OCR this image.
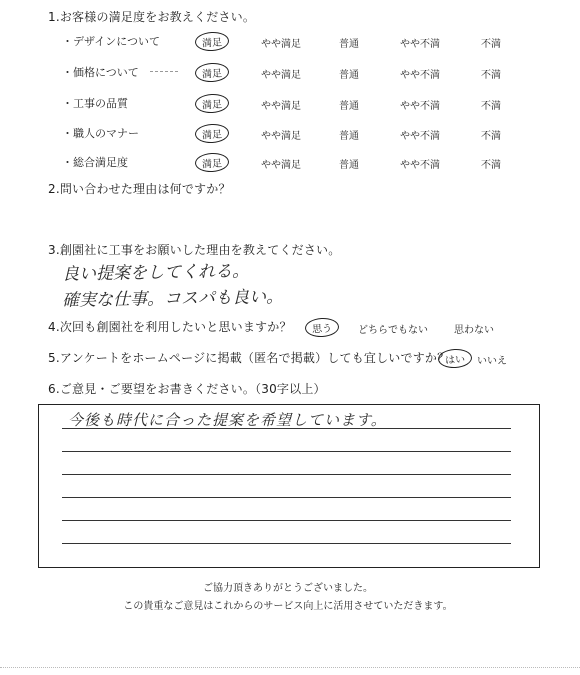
1.お客様の満足度をお教えください。
・デザインについて	満足	やや満足	普通	やや不満	不満
・価格について	満足	やや満足	普通	やや不満	不満
・工事の品質	満足	やや満足	普通	やや不満	不満
・職人のマナー	満足	やや満足	普通	やや不満	不満
・総合満足度	満足	やや満足	普通	やや不満	不満
2.問い合わせた理由は何ですか？
3.創園社に工事をお願いした理由を教えてください。
良い提案をしてくれる。
確実な仕事。コスパも良い。
4.次回も創園社を利用したいと思いますか？	思う	どちらでもない	思わない
5.アンケートをホームページに掲載（匿名で掲載）しても宜しいですか？
はい	いいえ
6.ご意見・ご要望をお書きください。（30字以上）
今後も時代に合った提案を希望しています。
ご協力頂きありがとうございました。
この貴重なご意見はこれからのサービス向上に活用させていただきます。
